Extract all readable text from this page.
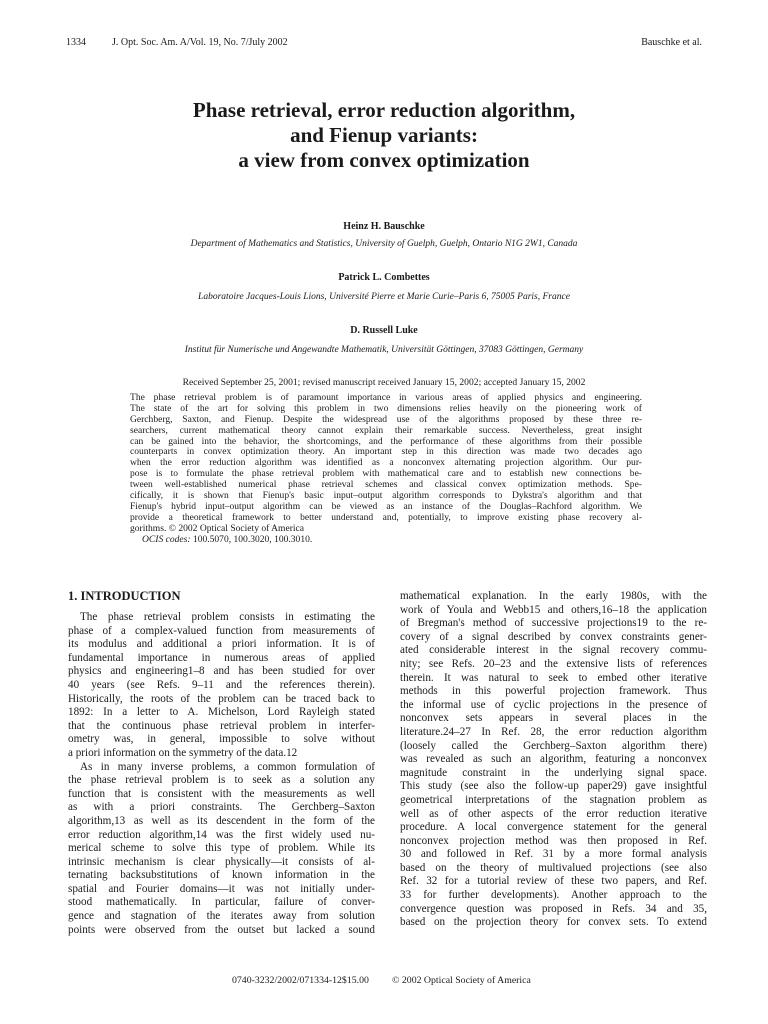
1334	J. Opt. Soc. Am. A/Vol. 19, No. 7/July 2002	Bauschke et al.
Phase retrieval, error reduction algorithm,
and Fienup variants:
a view from convex optimization
Heinz H. Bauschke
Department of Mathematics and Statistics, University of Guelph, Guelph, Ontario N1G 2W1, Canada
Patrick L. Combettes
Laboratoire Jacques-Louis Lions, Université Pierre et Marie Curie–Paris 6, 75005 Paris, France
D. Russell Luke
Institut für Numerische und Angewandte Mathematik, Universität Göttingen, 37083 Göttingen, Germany
Received September 25, 2001; revised manuscript received January 15, 2002; accepted January 15, 2002
The phase retrieval problem is of paramount importance in various areas of applied physics and engineering.
The state of the art for solving this problem in two dimensions relies heavily on the pioneering work of
Gerchberg, Saxton, and Fienup. Despite the widespread use of the algorithms proposed by these three re-
searchers, current mathematical theory cannot explain their remarkable success. Nevertheless, great insight
can be gained into the behavior, the shortcomings, and the performance of these algorithms from their possible
counterparts in convex optimization theory. An important step in this direction was made two decades ago
when the error reduction algorithm was identified as a nonconvex alternating projection algorithm. Our pur-
pose is to formulate the phase retrieval problem with mathematical care and to establish new connections be-
tween well-established numerical phase retrieval schemes and classical convex optimization methods. Spe-
cifically, it is shown that Fienup's basic input–output algorithm corresponds to Dykstra's algorithm and that
Fienup's hybrid input–output algorithm can be viewed as an instance of the Douglas–Rachford algorithm. We
provide a theoretical framework to better understand and, potentially, to improve existing phase recovery al-
gorithms. © 2002 Optical Society of America
OCIS codes: 100.5070, 100.3020, 100.3010.
1. INTRODUCTION
The phase retrieval problem consists in estimating the
phase of a complex-valued function from measurements of
its modulus and additional a priori information. It is of
fundamental importance in numerous areas of applied
physics and engineering1–8 and has been studied for over
40 years (see Refs. 9–11 and the references therein).
Historically, the roots of the problem can be traced back to
1892: In a letter to A. Michelson, Lord Rayleigh stated
that the continuous phase retrieval problem in interfer-
ometry was, in general, impossible to solve without
a priori information on the symmetry of the data.12
As in many inverse problems, a common formulation of
the phase retrieval problem is to seek as a solution any
function that is consistent with the measurements as well
as with a priori constraints. The Gerchberg–Saxton
algorithm,13 as well as its descendent in the form of the
error reduction algorithm,14 was the first widely used nu-
merical scheme to solve this type of problem. While its
intrinsic mechanism is clear physically—it consists of al-
ternating backsubstitutions of known information in the
spatial and Fourier domains—it was not initially under-
stood mathematically. In particular, failure of conver-
gence and stagnation of the iterates away from solution
points were observed from the outset but lacked a sound
mathematical explanation. In the early 1980s, with the
work of Youla and Webb15 and others,16–18 the application
of Bregman's method of successive projections19 to the re-
covery of a signal described by convex constraints gener-
ated considerable interest in the signal recovery commu-
nity; see Refs. 20–23 and the extensive lists of references
therein. It was natural to seek to embed other iterative
methods in this powerful projection framework. Thus
the informal use of cyclic projections in the presence of
nonconvex sets appears in several places in the
literature.24–27 In Ref. 28, the error reduction algorithm
(loosely called the Gerchberg–Saxton algorithm there)
was revealed as such an algorithm, featuring a nonconvex
magnitude constraint in the underlying signal space.
This study (see also the follow-up paper29) gave insightful
geometrical interpretations of the stagnation problem as
well as of other aspects of the error reduction iterative
procedure. A local convergence statement for the general
nonconvex projection method was then proposed in Ref.
30 and followed in Ref. 31 by a more formal analysis
based on the theory of multivalued projections (see also
Ref. 32 for a tutorial review of these two papers, and Ref.
33 for further developments). Another approach to the
convergence question was proposed in Refs. 34 and 35,
based on the projection theory for convex sets. To extend
0740-3232/2002/071334-12$15.00 © 2002 Optical Society of America
